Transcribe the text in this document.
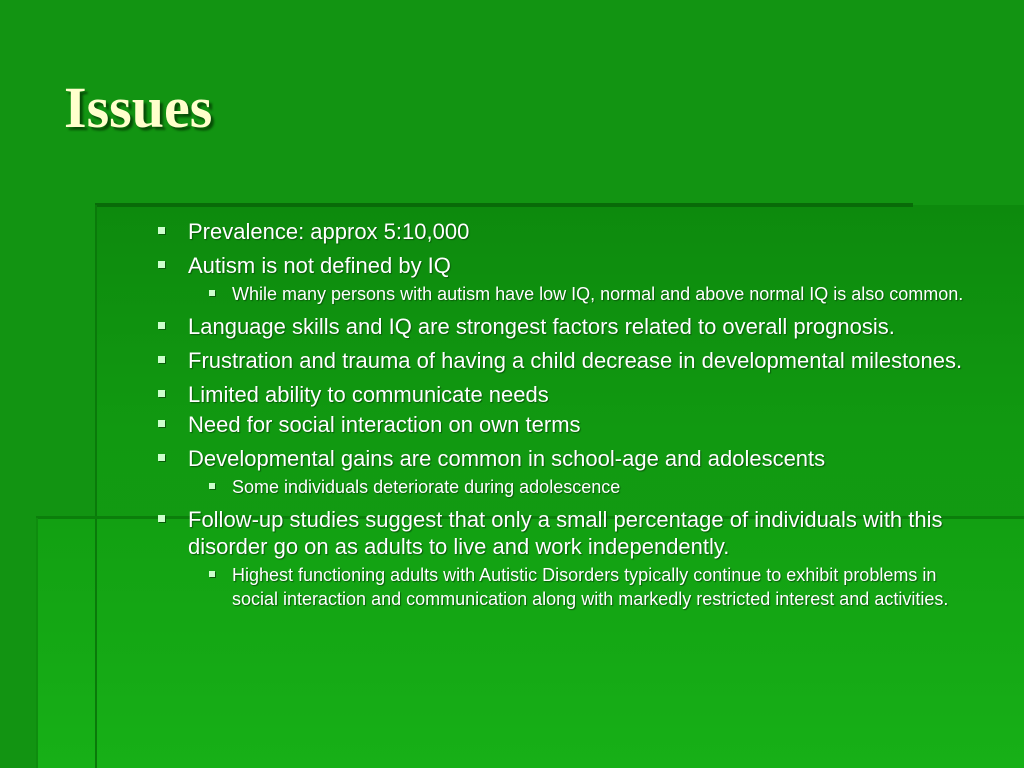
Issues
Prevalence: approx 5:10,000
Autism is not defined by IQ
While many persons with autism have low IQ, normal and above normal IQ is also common.
Language skills and IQ are strongest factors related to overall prognosis.
Frustration and trauma of having a child decrease in developmental milestones.
Limited ability to communicate needs
Need for social interaction on own terms
Developmental gains are common in school-age and adolescents
Some individuals deteriorate during adolescence
Follow-up studies suggest that only a small percentage of individuals with this disorder go on as adults to live and work independently.
Highest functioning adults with Autistic Disorders typically continue to exhibit problems in social interaction and communication along with markedly restricted interest and activities.
